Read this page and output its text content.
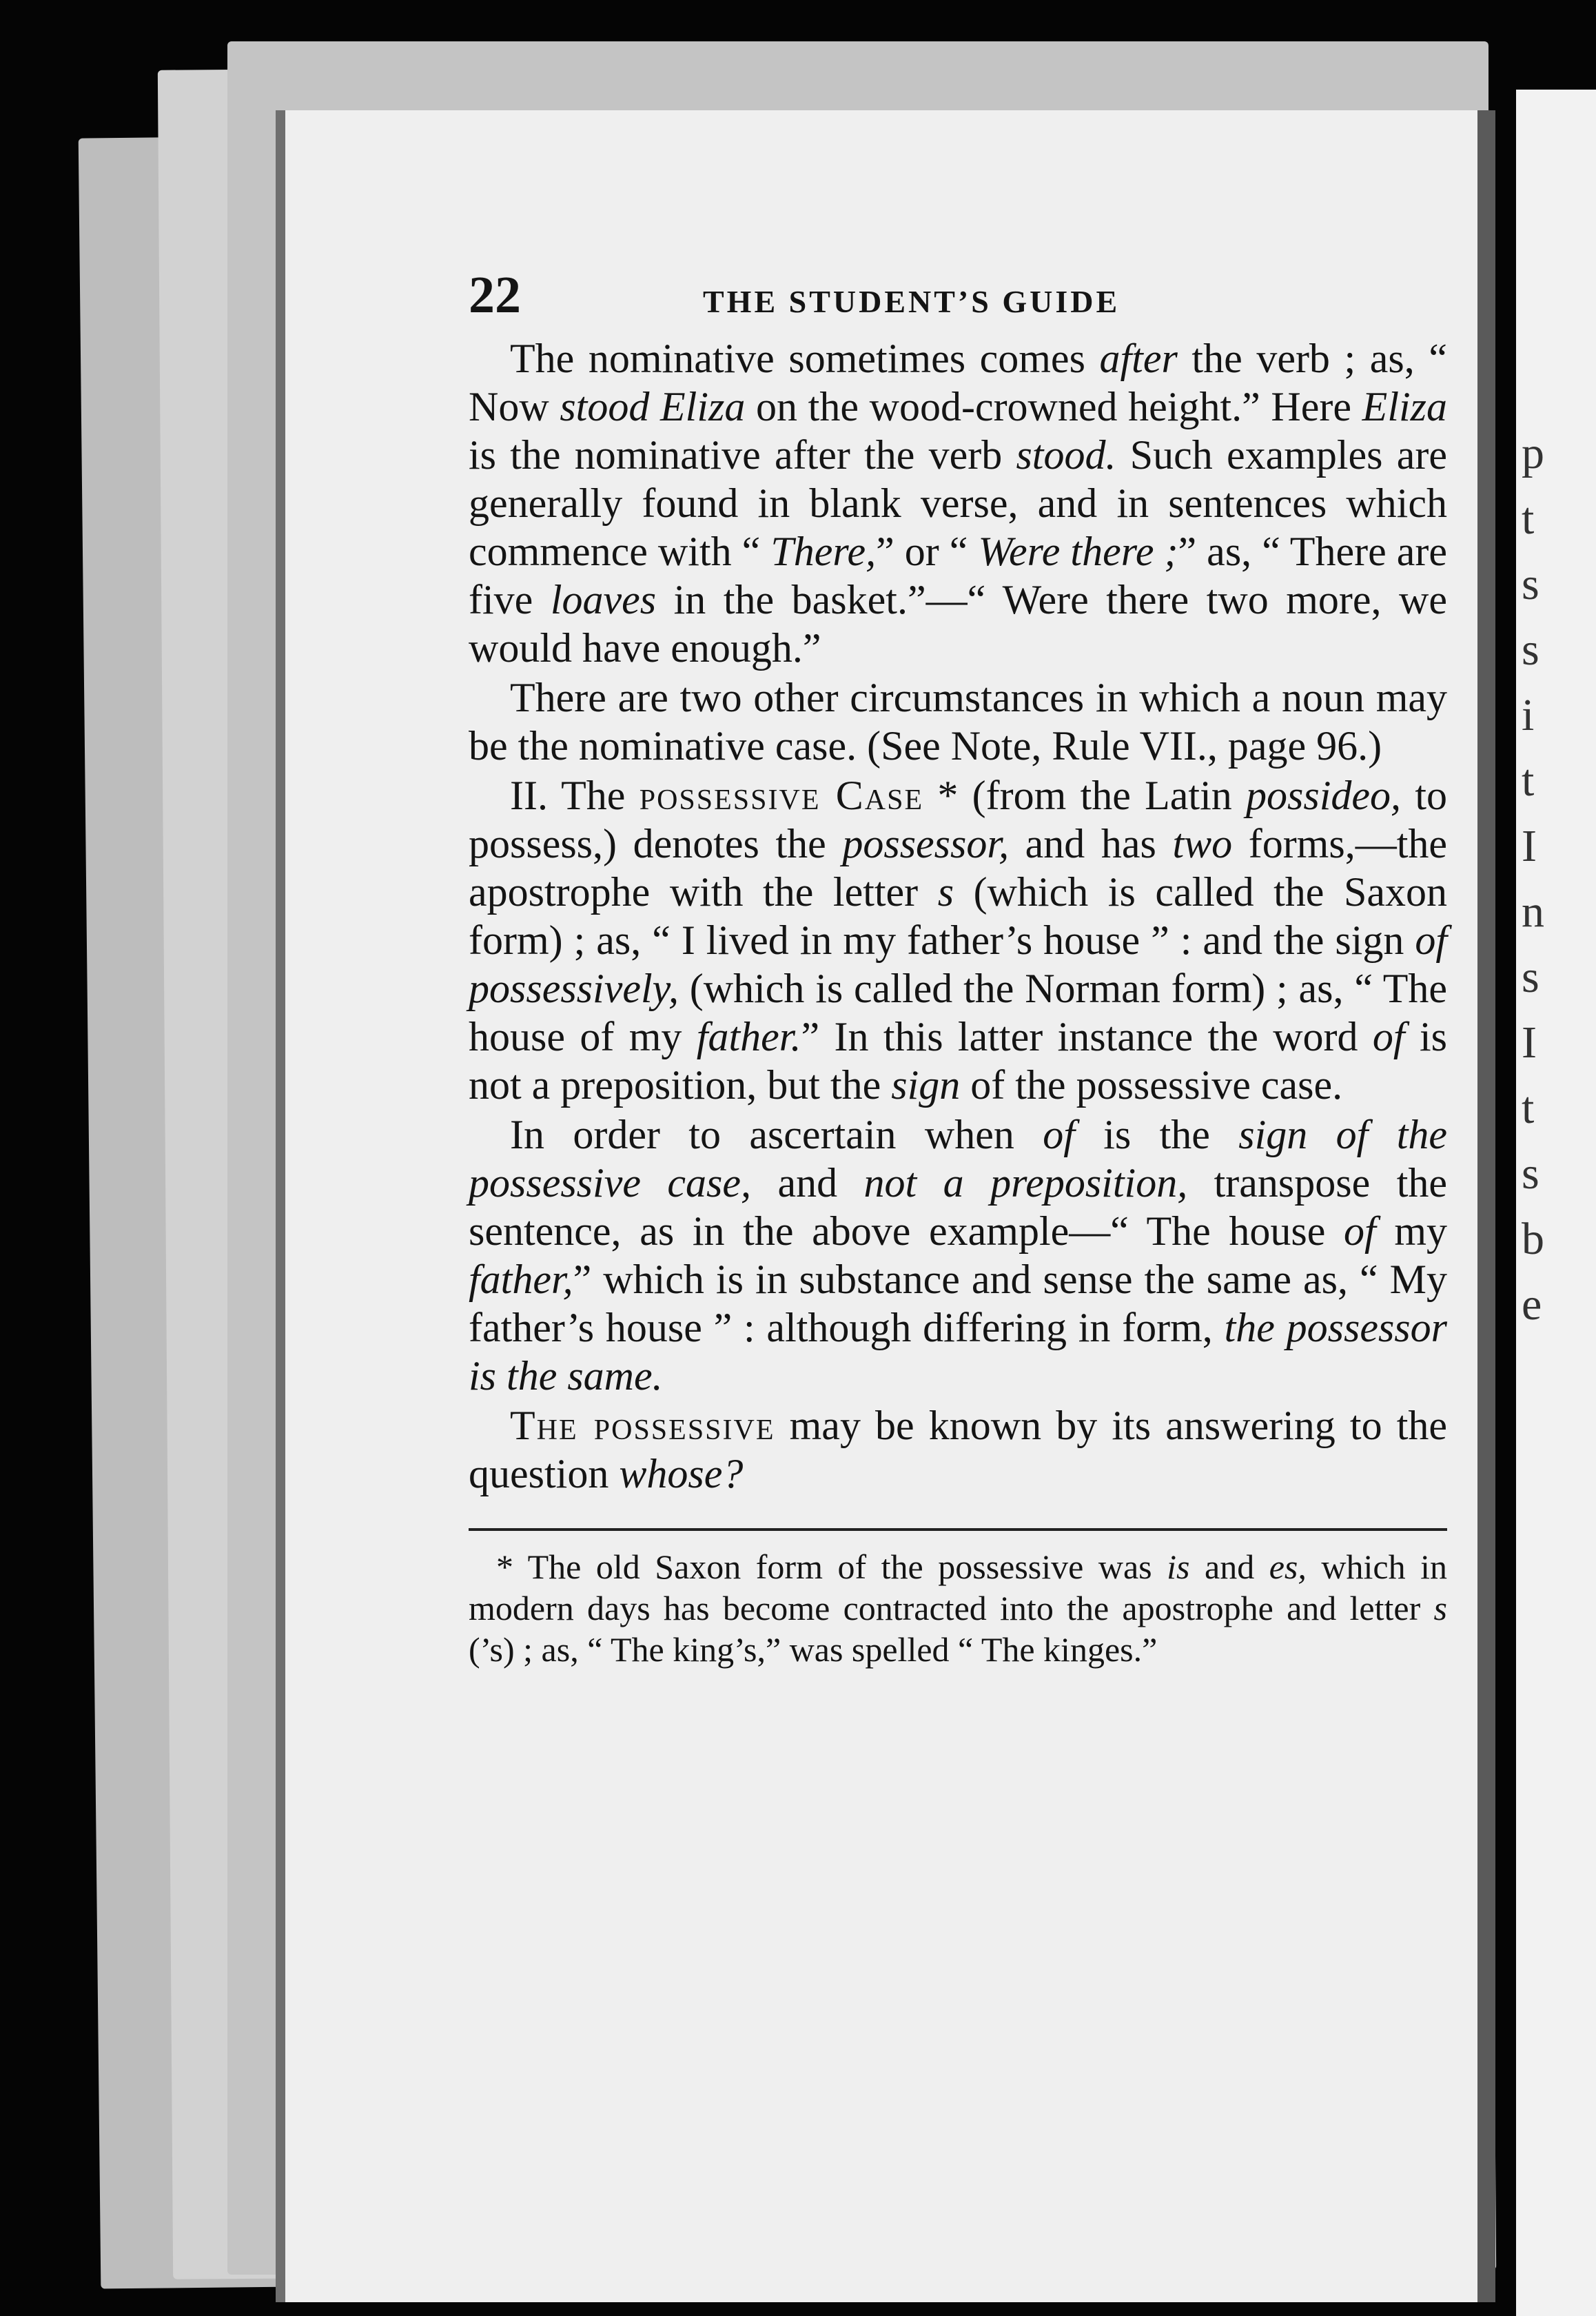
p
t
s
s
i
t
I
n
s
I
t
s
b
e
22	THE STUDENT’S GUIDE

The nominative sometimes comes after the verb ; as, “ Now stood Eliza on the wood-crowned height.” Here Eliza is the nominative after the verb stood. Such examples are generally found in blank verse, and in sentences which commence with “ There,” or “ Were there ;” as, “ There are five loaves in the basket.”—“ Were there two more, we would have enough.”

There are two other circumstances in which a noun may be the nominative case. (See Note, Rule VII., page 96.)

II. The possessive Case * (from the Latin possideo, to possess,) denotes the possessor, and has two forms,—the apostrophe with the letter s (which is called the Saxon form) ; as, “ I lived in my father’s house ” : and the sign of possessively, (which is called the Norman form) ; as, “ The house of my father.” In this latter instance the word of is not a preposition, but the sign of the possessive case.

In order to ascertain when of is the sign of the possessive case, and not a preposition, transpose the sentence, as in the above example—“ The house of my father,” which is in substance and sense the same as, “ My father’s house ” : although differing in form, the possessor is the same.

The possessive may be known by its answering to the question whose?

* The old Saxon form of the possessive was is and es, which in modern days has become contracted into the apostrophe and letter s (’s) ; as, “ The king’s,” was spelled “ The kinges.”
